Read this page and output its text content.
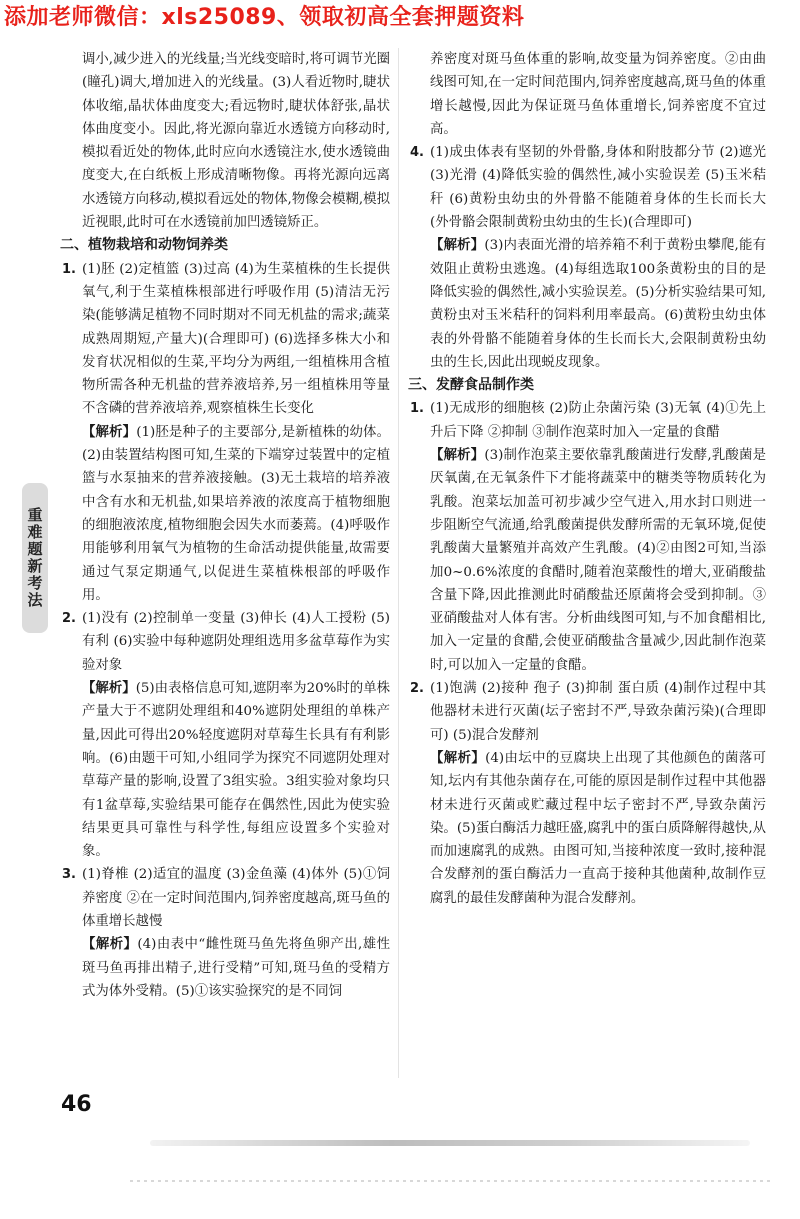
添加老师微信：xls25089、领取初高全套押题资料

调小,减少进入的光线量;当光线变暗时,将可调节光圈(瞳孔)调大,增加进入的光线量。(3)人看近物时,睫状体收缩,晶状体曲度变大;看远物时,睫状体舒张,晶状体曲度变小。因此,将光源向靠近水透镜方向移动时,模拟看近处的物体,此时应向水透镜注水,使水透镜曲度变大,在白纸板上形成清晰物像。再将光源向远离水透镜方向移动,模拟看远处的物体,物像会模糊,模拟近视眼,此时可在水透镜前加凹透镜矫正。

二、植物栽培和动物饲养类

1. (1)胚 (2)定植篮 (3)过高 (4)为生菜植株的生长提供氧气,利于生菜植株根部进行呼吸作用 (5)清洁无污染(能够满足植物不同时期对不同无机盐的需求;蔬菜成熟周期短,产量大)(合理即可) (6)选择多株大小和发育状况相似的生菜,平均分为两组,一组植株用含植物所需各种无机盐的营养液培养,另一组植株用等量不含磷的营养液培养,观察植株生长变化
【解析】(1)胚是种子的主要部分,是新植株的幼体。(2)由装置结构图可知,生菜的下端穿过装置中的定植篮与水泵抽来的营养液接触。(3)无土栽培的培养液中含有水和无机盐,如果培养液的浓度高于植物细胞的细胞液浓度,植物细胞会因失水而萎蔫。(4)呼吸作用能够利用氧气为植物的生命活动提供能量,故需要通过气泵定期通气,以促进生菜植株根部的呼吸作用。
2. (1)没有 (2)控制单一变量 (3)伸长 (4)人工授粉 (5)有利 (6)实验中每种遮阴处理组选用多盆草莓作为实验对象
【解析】(5)由表格信息可知,遮阴率为20%时的单株产量大于不遮阴处理组和40%遮阴处理组的单株产量,因此可得出20%轻度遮阴对草莓生长具有有利影响。(6)由题干可知,小组同学为探究不同遮阴处理对草莓产量的影响,设置了3组实验。3组实验对象均只有1盆草莓,实验结果可能存在偶然性,因此为使实验结果更具可靠性与科学性,每组应设置多个实验对象。
3. (1)脊椎 (2)适宜的温度 (3)金鱼藻 (4)体外 (5)①饲养密度 ②在一定时间范围内,饲养密度越高,斑马鱼的体重增长越慢
【解析】(4)由表中“雌性斑马鱼先将鱼卵产出,雄性斑马鱼再排出精子,进行受精”可知,斑马鱼的受精方式为体外受精。(5)①该实验探究的是不同饲

养密度对斑马鱼体重的影响,故变量为饲养密度。②由曲线图可知,在一定时间范围内,饲养密度越高,斑马鱼的体重增长越慢,因此为保证斑马鱼体重增长,饲养密度不宜过高。

4. (1)成虫体表有坚韧的外骨骼,身体和附肢都分节 (2)遮光 (3)光滑 (4)降低实验的偶然性,减小实验误差 (5)玉米秸秆 (6)黄粉虫幼虫的外骨骼不能随着身体的生长而长大(外骨骼会限制黄粉虫幼虫的生长)(合理即可)
【解析】(3)内表面光滑的培养箱不利于黄粉虫攀爬,能有效阻止黄粉虫逃逸。(4)每组选取100条黄粉虫的目的是降低实验的偶然性,减小实验误差。(5)分析实验结果可知,黄粉虫对玉米秸秆的饲料利用率最高。(6)黄粉虫幼虫体表的外骨骼不能随着身体的生长而长大,会限制黄粉虫幼虫的生长,因此出现蜕皮现象。

三、发酵食品制作类

1. (1)无成形的细胞核 (2)防止杂菌污染 (3)无氧 (4)①先上升后下降 ②抑制 ③制作泡菜时加入一定量的食醋
【解析】(3)制作泡菜主要依靠乳酸菌进行发酵,乳酸菌是厌氧菌,在无氧条件下才能将蔬菜中的糖类等物质转化为乳酸。泡菜坛加盖可初步减少空气进入,用水封口则进一步阻断空气流通,给乳酸菌提供发酵所需的无氧环境,促使乳酸菌大量繁殖并高效产生乳酸。(4)②由图2可知,当添加0~0.6%浓度的食醋时,随着泡菜酸性的增大,亚硝酸盐含量下降,因此推测此时硝酸盐还原菌将会受到抑制。③亚硝酸盐对人体有害。分析曲线图可知,与不加食醋相比,加入一定量的食醋,会使亚硝酸盐含量减少,因此制作泡菜时,可以加入一定量的食醋。
2. (1)饱满 (2)接种 孢子 (3)抑制 蛋白质 (4)制作过程中其他器材未进行灭菌(坛子密封不严,导致杂菌污染)(合理即可) (5)混合发酵剂
【解析】(4)由坛中的豆腐块上出现了其他颜色的菌落可知,坛内有其他杂菌存在,可能的原因是制作过程中其他器材未进行灭菌或贮藏过程中坛子密封不严,导致杂菌污染。(5)蛋白酶活力越旺盛,腐乳中的蛋白质降解得越快,从而加速腐乳的成熟。由图可知,当接种浓度一致时,接种混合发酵剂的蛋白酶活力一直高于接种其他菌种,故制作豆腐乳的最佳发酵菌种为混合发酵剂。
重难题新考法
46
